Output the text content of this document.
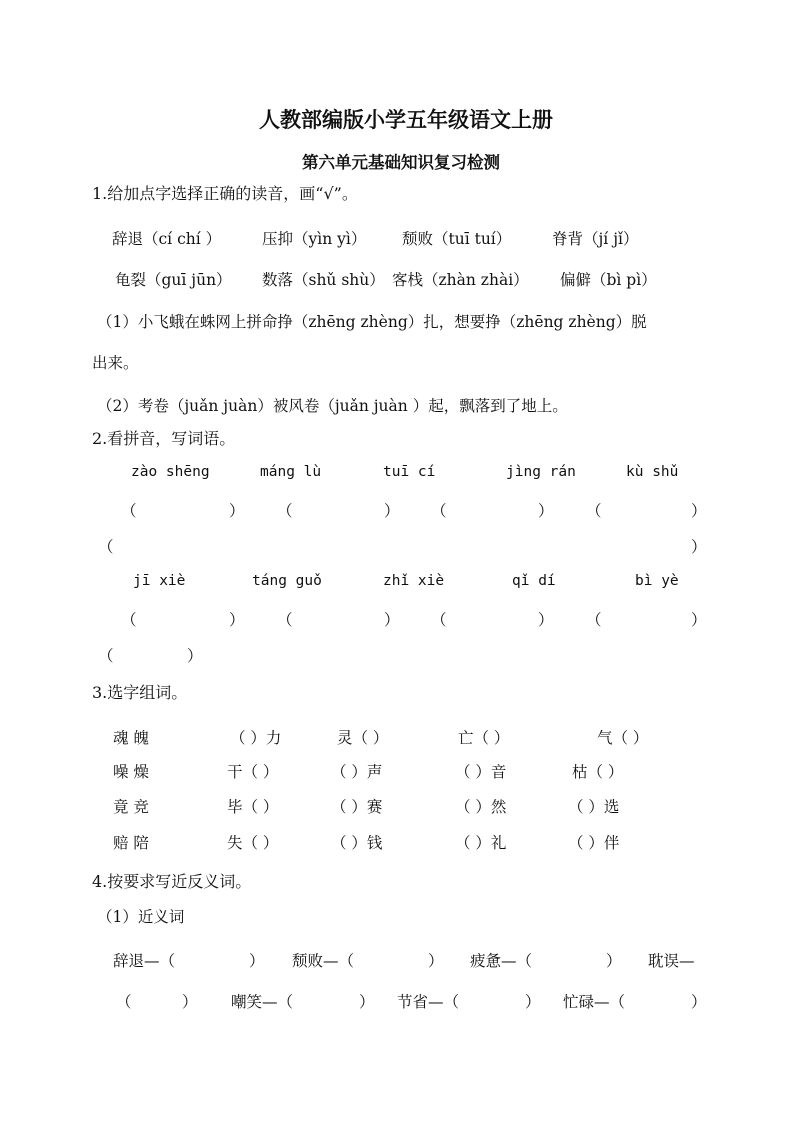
人教部编版小学五年级语文上册
第六单元基础知识复习检测
1.给加点字选择正确的读音，画“√”。
辞退（cí chí ）	压抑（yìn yì） 颓败（tuī tuí）	脊背（jí jǐ）
龟裂（guī jūn） 数落（shǔ shù） 客栈（zhàn zhài） 偏僻（bì pì）
（1）小飞蛾在蛛网上拼命挣（zhēng zhèng）扎，想要挣（zhēng zhèng）脱
出来。
（2）考卷（juǎn juàn）被风卷（juǎn juàn ）起，飘落到了地上。
2.看拼音，写词语。
zào shēng	máng lù	tuī cí	jìng rán	kù shǔ
（	） （	） （	） （	）
（	）
jī xiè	táng guǒ	zhǐ xiè	qǐ dí	bì yè
（	） （	） （	） （	）
（	）
3.选字组词。
魂 魄	（ ）力	灵（ ）	亡（ ）	气（ ）
噪 燥	干（ ）	（ ）声	（ ）音	枯（ ）
竟 竞	毕（ ）	（ ）赛	（ ）然	（ ）选
赔 陪	失（ ）	（ ）钱	（ ）礼	（ ）伴
4.按要求写近反义词。
（1）近义词
辞退—（	） 颓败—（	） 疲惫—（	） 耽误—
（	） 嘲笑—（	） 节省—（	） 忙碌—（	）
